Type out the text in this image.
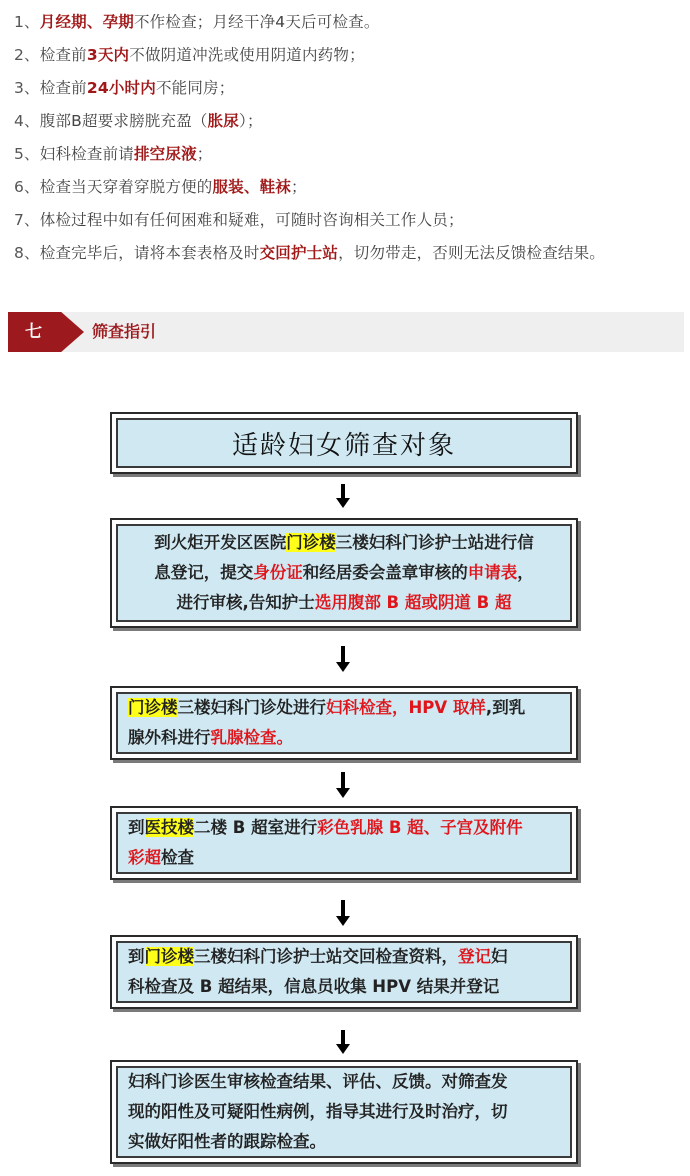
1、月经期、孕期不作检查；月经干净4天后可检查。
2、检查前3天内不做阴道冲洗或使用阴道内药物；
3、检查前24小时内不能同房；
4、腹部B超要求膀胱充盈（胀尿）；
5、妇科检查前请排空尿液；
6、检查当天穿着穿脱方便的服装、鞋袜；
7、体检过程中如有任何困难和疑难，可随时咨询相关工作人员；
8、检查完毕后，请将本套表格及时交回护士站，切勿带走，否则无法反馈检查结果。
七	筛查指引
适龄妇女筛查对象
到火炬开发区医院门诊楼三楼妇科门诊护士站进行信
息登记，提交身份证和经居委会盖章审核的申请表，
进行审核,告知护士选用腹部 B 超或阴道 B 超
门诊楼三楼妇科门诊处进行妇科检查，HPV 取样,到乳
腺外科进行乳腺检查。
到医技楼二楼 B 超室进行彩色乳腺 B 超、子宫及附件
彩超检查
到门诊楼三楼妇科门诊护士站交回检查资料，登记妇
科检查及 B 超结果，信息员收集 HPV 结果并登记
妇科门诊医生审核检查结果、评估、反馈。对筛查发
现的阳性及可疑阳性病例，指导其进行及时治疗，切
实做好阳性者的跟踪检查。
